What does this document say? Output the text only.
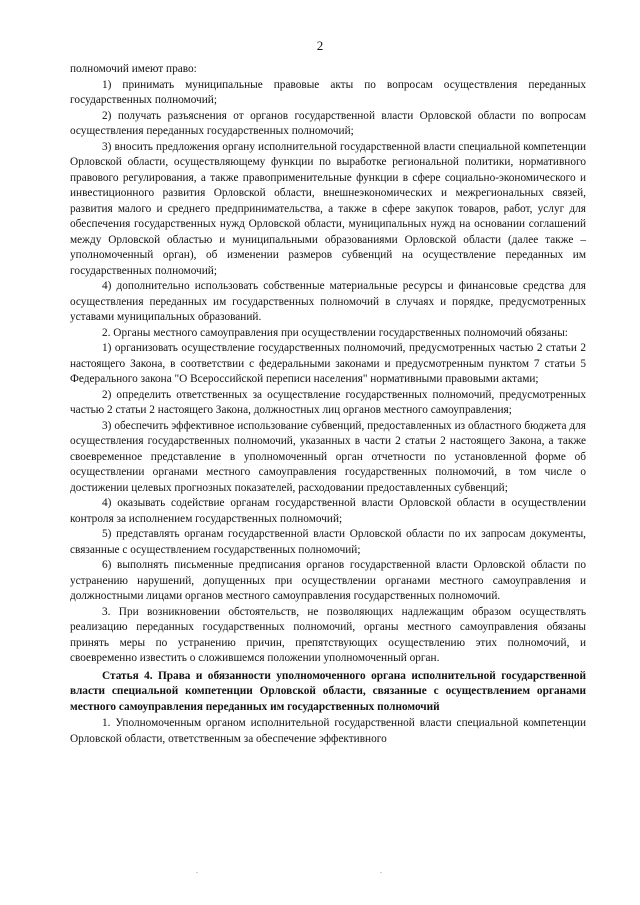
2

полномочий имеют право:

1) принимать муниципальные правовые акты по вопросам осуществления переданных государственных полномочий;

2) получать разъяснения от органов государственной власти Орловской области по вопросам осуществления переданных государственных полномочий;

3) вносить предложения органу исполнительной государственной власти специальной компетенции Орловской области, осуществляющему функции по выработке региональной политики, нормативного правового регулирования, а также правоприменительные функции в сфере социально-экономического и инвестиционного развития Орловской области, внешнеэкономических и межрегиональных связей, развития малого и среднего предпринимательства, а также в сфере закупок товаров, работ, услуг для обеспечения государственных нужд Орловской области, муниципальных нужд на основании соглашений между Орловской областью и муниципальными образованиями Орловской области (далее также – уполномоченный орган), об изменении размеров субвенций на осуществление переданных им государственных полномочий;

4) дополнительно использовать собственные материальные ресурсы и финансовые средства для осуществления переданных им государственных полномочий в случаях и порядке, предусмотренных уставами муниципальных образований.

2. Органы местного самоуправления при осуществлении государственных полномочий обязаны:

1) организовать осуществление государственных полномочий, предусмотренных частью 2 статьи 2 настоящего Закона, в соответствии с федеральными законами и предусмотренным пунктом 7 статьи 5 Федерального закона "О Всероссийской переписи населения" нормативными правовыми актами;

2) определить ответственных за осуществление государственных полномочий, предусмотренных частью 2 статьи 2 настоящего Закона, должностных лиц органов местного самоуправления;

3) обеспечить эффективное использование субвенций, предоставленных из областного бюджета для осуществления государственных полномочий, указанных в части 2 статьи 2 настоящего Закона, а также своевременное представление в уполномоченный орган отчетности по установленной форме об осуществлении органами местного самоуправления государственных полномочий, в том числе о достижении целевых прогнозных показателей, расходовании предоставленных субвенций;

4) оказывать содействие органам государственной власти Орловской области в осуществлении контроля за исполнением государственных полномочий;

5) представлять органам государственной власти Орловской области по их запросам документы, связанные с осуществлением государственных полномочий;

6) выполнять письменные предписания органов государственной власти Орловской области по устранению нарушений, допущенных при осуществлении органами местного самоуправления и должностными лицами органов местного самоуправления государственных полномочий.

3. При возникновении обстоятельств, не позволяющих надлежащим образом осуществлять реализацию переданных государственных полномочий, органы местного самоуправления обязаны принять меры по устранению причин, препятствующих осуществлению этих полномочий, и своевременно известить о сложившемся положении уполномоченный орган.

Статья 4. Права и обязанности уполномоченного органа исполнительной государственной власти специальной компетенции Орловской области, связанные с осуществлением органами местного самоуправления переданных им государственных полномочий

1. Уполномоченным органом исполнительной государственной власти специальной компетенции Орловской области, ответственным за обеспечение эффективного
